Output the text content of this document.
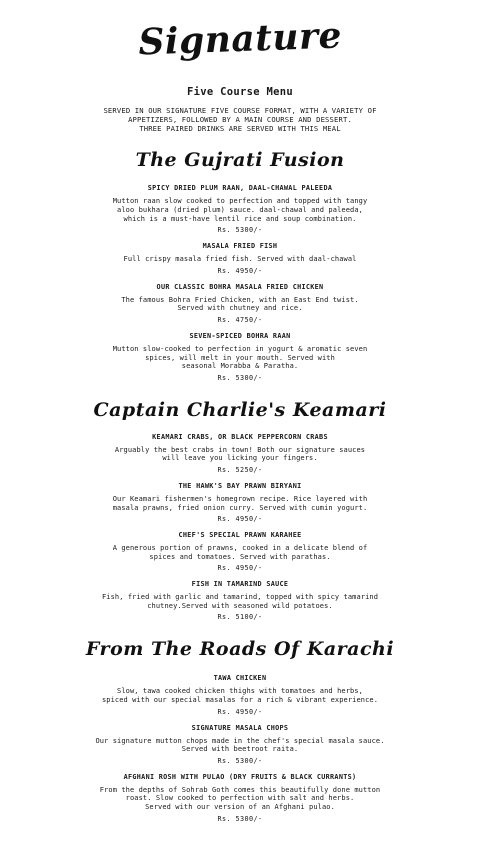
Signature
Five Course Menu
SERVED IN OUR SIGNATURE FIVE COURSE FORMAT, WITH A VARIETY OF
APPETIZERS, FOLLOWED BY A MAIN COURSE AND DESSERT.
THREE PAIRED DRINKS ARE SERVED WITH THIS MEAL
The Gujrati Fusion
SPICY DRIED PLUM RAAN, DAAL-CHAWAL PALEEDA
Mutton raan slow cooked to perfection and topped with tangy
aloo bukhara (dried plum) sauce. daal-chawal and paleeda,
which is a must-have lentil rice and soup combination.
Rs. 5300/-
MASALA FRIED FISH
Full crispy masala fried fish. Served with daal-chawal
Rs. 4950/-
OUR CLASSIC BOHRA MASALA FRIED CHICKEN
The famous Bohra Fried Chicken, with an East End twist.
Served with chutney and rice.
Rs. 4750/-
SEVEN-SPICED BOHRA RAAN
Mutton slow-cooked to perfection in yogurt & aromatic seven
spices, will melt in your mouth. Served with
seasonal Morabba & Paratha.
Rs. 5300/-
Captain Charlie's Keamari
KEAMARI CRABS, OR BLACK PEPPERCORN CRABS
Arguably the best crabs in town! Both our signature sauces
will leave you licking your fingers.
Rs. 5250/-
THE HAWK'S BAY PRAWN BIRYANI
Our Keamari fishermen's homegrown recipe. Rice layered with
masala prawns, fried onion curry. Served with cumin yogurt.
Rs. 4950/-
CHEF'S SPECIAL PRAWN KARAHEE
A generous portion of prawns, cooked in a delicate blend of
spices and tomatoes. Served with parathas.
Rs. 4950/-
FISH IN TAMARIND SAUCE
Fish, fried with garlic and tamarind, topped with spicy tamarind
chutney.Served with seasoned wild potatoes.
Rs. 5100/-
From The Roads Of Karachi
TAWA CHICKEN
Slow, tawa cooked chicken thighs with tomatoes and herbs,
spiced with our special masalas for a rich & vibrant experience.
Rs. 4950/-
SIGNATURE MASALA CHOPS
Our signature mutton chops made in the chef's special masala sauce.
Served with beetroot raita.
Rs. 5300/-
AFGHANI ROSH WITH PULAO (DRY FRUITS & BLACK CURRANTS)
From the depths of Sohrab Goth comes this beautifully done mutton
roast. Slow cooked to perfection with salt and herbs.
Served with our version of an Afghani pulao.
Rs. 5300/-
